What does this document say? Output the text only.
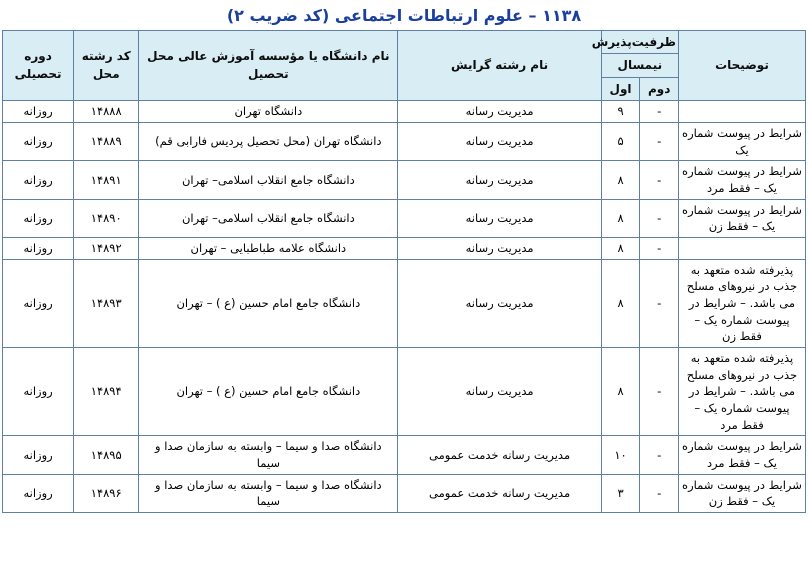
۱۱۳۸ – علوم ارتباطات اجتماعی (کد ضریب ۲)
توضیحات	ظرفیت‌پذیرش
نیمسال
دوم
اول		نام رشته گرایش	نام دانشگاه یا مؤسسه آموزش عالی محل تحصیل	کد رشته محل	دوره تحصیلی
	-	۹	مدیریت رسانه	دانشگاه تهران	۱۴۸۸۸	روزانه
شرایط در پیوست شماره یک	-	۵	مدیریت رسانه	دانشگاه تهران (محل تحصیل پردیس فارابی قم)	۱۴۸۸۹	روزانه
شرایط در پیوست شماره یک – فقط مرد	-	۸	مدیریت رسانه	دانشگاه جامع انقلاب اسلامی– تهران	۱۴۸۹۱	روزانه
شرایط در پیوست شماره یک – فقط زن	-	۸	مدیریت رسانه	دانشگاه جامع انقلاب اسلامی– تهران	۱۴۸۹۰	روزانه
	-	۸	مدیریت رسانه	دانشگاه علامه طباطبایی – تهران	۱۴۸۹۲	روزانه
پذیرفته شده متعهد به جذب در نیروهای مسلح می باشد. – شرایط در پیوست شماره یک – فقط زن	-	۸	مدیریت رسانه	دانشگاه جامع امام حسین (ع ) – تهران	۱۴۸۹۳	روزانه
پذیرفته شده متعهد به جذب در نیروهای مسلح می باشد. – شرایط در پیوست شماره یک – فقط مرد	-	۸	مدیریت رسانه	دانشگاه جامع امام حسین (ع ) – تهران	۱۴۸۹۴	روزانه
شرایط در پیوست شماره یک – فقط مرد	-	۱۰	مدیریت رسانه خدمت عمومی	دانشگاه صدا و سیما – وابسته به سازمان صدا و سیما	۱۴۸۹۵	روزانه
شرایط در پیوست شماره یک – فقط زن	-	۳	مدیریت رسانه خدمت عمومی	دانشگاه صدا و سیما – وابسته به سازمان صدا و سیما	۱۴۸۹۶	روزانه
